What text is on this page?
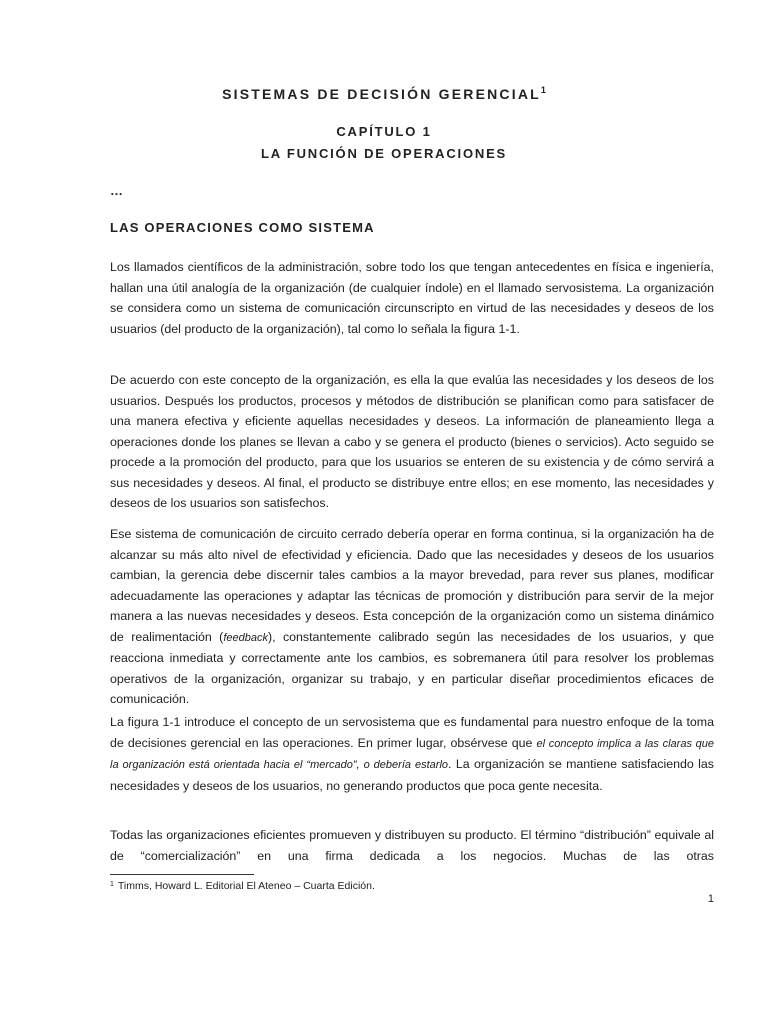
SISTEMAS DE DECISIÓN GERENCIAL$^1$
CAPÍTULO 1
LA FUNCIÓN DE OPERACIONES
…
LAS OPERACIONES COMO SISTEMA

Los llamados científicos de la administración, sobre todo los que tengan antecedentes en física e ingeniería, hallan una útil analogía de la organización (de cualquier índole) en el llamado servosistema. La organización se considera como un sistema de comunicación circunscripto en virtud de las necesidades y deseos de los usuarios (del producto de la organización), tal como lo señala la figura 1-1.

De acuerdo con este concepto de la organización, es ella la que evalúa las necesidades y los deseos de los usuarios. Después los productos, procesos y métodos de distribución se planifican como para satisfacer de una manera efectiva y eficiente aquellas necesidades y deseos. La información de planeamiento llega a operaciones donde los planes se llevan a cabo y se genera el producto (bienes o servicios). Acto seguido se procede a la promoción del producto, para que los usuarios se enteren de su existencia y de cómo servirá a sus necesidades y deseos. Al final, el producto se distribuye entre ellos; en ese momento, las necesidades y deseos de los usuarios son satisfechos.

Ese sistema de comunicación de circuito cerrado debería operar en forma continua, si la organización ha de alcanzar su más alto nivel de efectividad y eficiencia. Dado que las necesidades y deseos de los usuarios cambian, la gerencia debe discernir tales cambios a la mayor brevedad, para rever sus planes, modificar adecuadamente las operaciones y adaptar las técnicas de promoción y distribución para servir de la mejor manera a las nuevas necesidades y deseos. Esta concepción de la organización como un sistema dinámico de realimentación (feedback), constantemente calibrado según las necesidades de los usuarios, y que reacciona inmediata y correctamente ante los cambios, es sobremanera útil para resolver los problemas operativos de la organización, organizar su trabajo, y en particular diseñar procedimientos eficaces de comunicación.

La figura 1-1 introduce el concepto de un servosistema que es fundamental para nuestro enfoque de la toma de decisiones gerencial en las operaciones. En primer lugar, obsérvese que el concepto implica a las claras que la organización está orientada hacia el “mercado”, o debería estarlo. La organización se mantiene satisfaciendo las necesidades y deseos de los usuarios, no generando productos que poca gente necesita.

Todas las organizaciones eficientes promueven y distribuyen su producto. El término “distribución” equivale al de “comercialización” en una firma dedicada a los negocios. Muchas de las otras

$^1$ Timms, Howard L. Editorial El Ateneo – Cuarta Edición.
1
